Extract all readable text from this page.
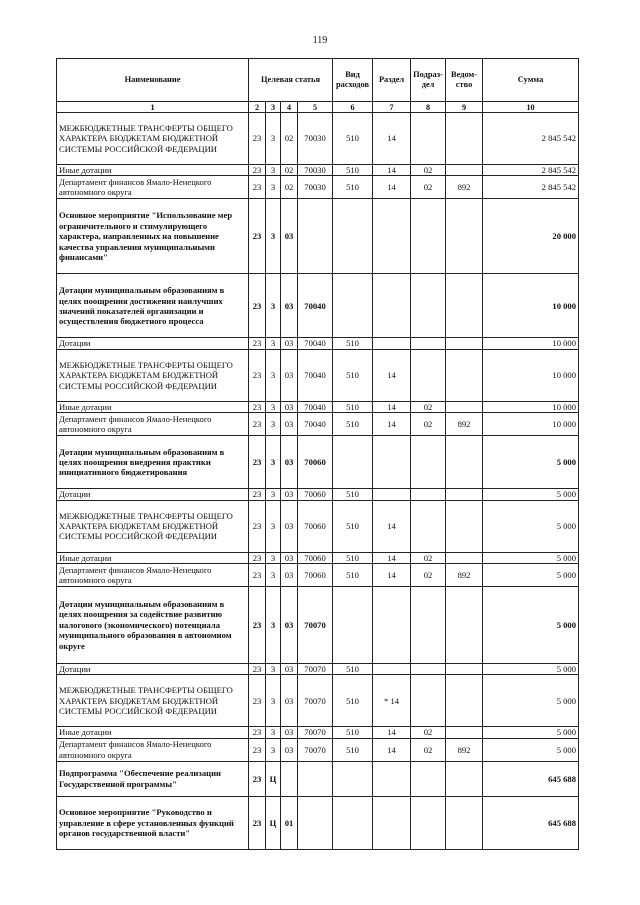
119
Наименование	Целевая статья				Вид расходов	Раздел	Подраз-дел	Ведом-ство	Сумма
1	2	3	4	5	6	7	8	9	10
МЕЖБЮДЖЕТНЫЕ ТРАНСФЕРТЫ ОБЩЕГО ХАРАКТЕРА БЮДЖЕТАМ БЮДЖЕТНОЙ СИСТЕМЫ РОССИЙСКОЙ ФЕДЕРАЦИИ	23	3	02	70030	510	14			2 845 542
Иные дотации	23	3	02	70030	510	14	02		2 845 542
Департамент финансов Ямало-Ненецкого автономного округа	23	3	02	70030	510	14	02	892	2 845 542
Основное мероприятие "Использование мер ограничительного и стимулирующего характера, направленных на повышение качества управления муниципальными финансами"	23	3	03						20 000
Дотации муниципальным образованиям в целях поощрения достижения наилучших значений показателей организации и осуществления бюджетного процесса	23	3	03	70040					10 000
Дотации	23	3	03	70040	510				10 000
МЕЖБЮДЖЕТНЫЕ ТРАНСФЕРТЫ ОБЩЕГО ХАРАКТЕРА БЮДЖЕТАМ БЮДЖЕТНОЙ СИСТЕМЫ РОССИЙСКОЙ ФЕДЕРАЦИИ	23	3	03	70040	510	14			10 000
Иные дотации	23	3	03	70040	510	14	02		10 000
Департамент финансов Ямало-Ненецкого автономного округа	23	3	03	70040	510	14	02	892	10 000
Дотации муниципальным образованиям в целях поощрения внедрения практики инициативного бюджетирования	23	3	03	70060					5 000
Дотации	23	3	03	70060	510				5 000
МЕЖБЮДЖЕТНЫЕ ТРАНСФЕРТЫ ОБЩЕГО ХАРАКТЕРА БЮДЖЕТАМ БЮДЖЕТНОЙ СИСТЕМЫ РОССИЙСКОЙ ФЕДЕРАЦИИ	23	3	03	70060	510	14			5 000
Иные дотации	23	3	03	70060	510	14	02		5 000
Департамент финансов Ямало-Ненецкого автономного округа	23	3	03	70060	510	14	02	892	5 000
Дотации муниципальным образованиям в целях поощрения за содействие развитию налогового (экономического) потенциала муниципального образования в автономном округе	23	3	03	70070					5 000
Дотации	23	3	03	70070	510				5 000
МЕЖБЮДЖЕТНЫЕ ТРАНСФЕРТЫ ОБЩЕГО ХАРАКТЕРА БЮДЖЕТАМ БЮДЖЕТНОЙ СИСТЕМЫ РОССИЙСКОЙ ФЕДЕРАЦИИ	23	3	03	70070	510	* 14			5 000
Иные дотации	23	3	03	70070	510	14	02		5 000
Департамент финансов Ямало-Ненецкого автономного округа	23	3	03	70070	510	14	02	892	5 000
Подпрограмма "Обеспечение реализации Государственной программы"	23	Ц							645 688
Основное мероприятие "Руководство и управление в сфере установленных функций органов государственной власти"	23	Ц	01						645 688
